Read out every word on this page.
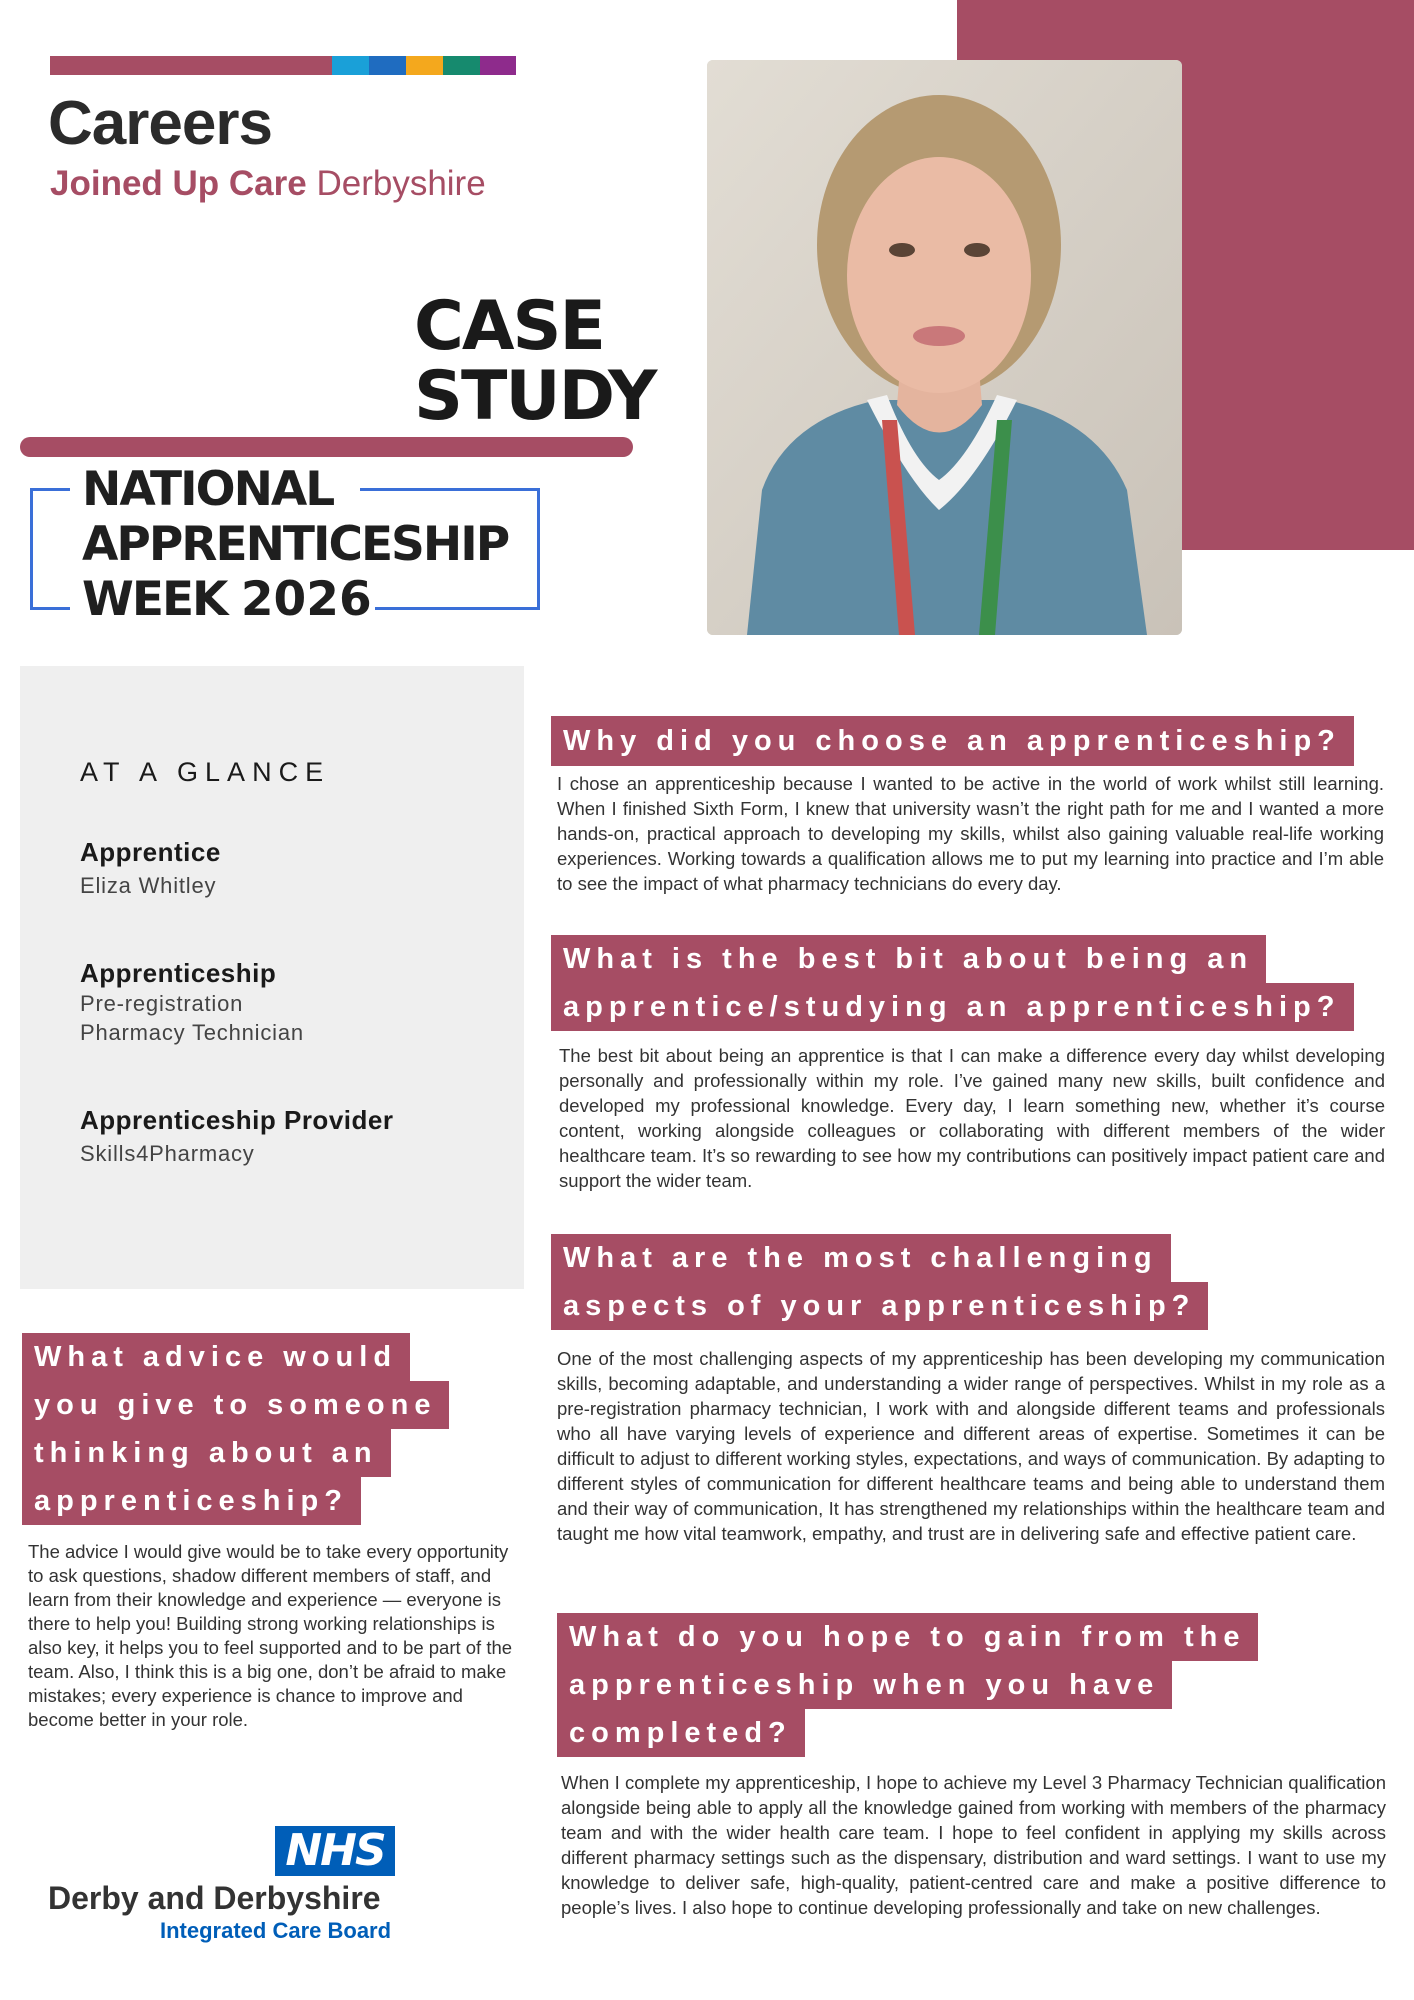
Careers
Joined Up Care Derbyshire
CASE
STUDY
NATIONAL
APPRENTICESHIP
WEEK 2026
AT A GLANCE
Apprentice
Eliza Whitley
Apprenticeship
Pre-registration
Pharmacy Technician
Apprenticeship Provider
Skills4Pharmacy
Why did you choose an apprenticeship?
I chose an apprenticeship because I wanted to be active in the world of work whilst still learning. When I finished Sixth Form, I knew that university wasn’t the right path for me and I wanted a more hands-on, practical approach to developing my skills, whilst also gaining valuable real-life working experiences. Working towards a qualification allows me to put my learning into practice and I’m able to see the impact of what pharmacy technicians do every day.
What is the best bit about being an
apprentice/studying an apprenticeship?
The best bit about being an apprentice is that I can make a difference every day whilst developing personally and professionally within my role. I’ve gained many new skills, built confidence and developed my professional knowledge. Every day, I learn something new, whether it’s course content, working alongside colleagues or collaborating with different members of the wider healthcare team. It’s so rewarding to see how my contributions can positively impact patient care and support the wider team.
What are the most challenging
aspects of your apprenticeship?
One of the most challenging aspects of my apprenticeship has been developing my communication skills, becoming adaptable, and understanding a wider range of perspectives. Whilst in my role as a pre-registration pharmacy technician, I work with and alongside different teams and professionals who all have varying levels of experience and different areas of expertise. Sometimes it can be difficult to adjust to different working styles, expectations, and ways of communication. By adapting to different styles of communication for different healthcare teams and being able to understand them and their way of communication, It has strengthened my relationships within the healthcare team and taught me how vital teamwork, empathy, and trust are in delivering safe and effective patient care.
What do you hope to gain from the
apprenticeship when you have
completed?
When I complete my apprenticeship, I hope to achieve my Level 3 Pharmacy Technician qualification alongside being able to apply all the knowledge gained from working with members of the pharmacy team and with the wider health care team. I hope to feel confident in applying my skills across different pharmacy settings such as the dispensary, distribution and ward settings. I want to use my knowledge to deliver safe, high-quality, patient-centred care and make a positive difference to people’s lives. I also hope to continue developing professionally and take on new challenges.
What advice would
you give to someone
thinking about an
apprenticeship?
The advice I would give would be to take every opportunity to ask questions, shadow different members of staff, and learn from their knowledge and experience — everyone is there to help you! Building strong working relationships is also key, it helps you to feel supported and to be part of the team. Also, I think this is a big one, don’t be afraid to make mistakes; every experience is chance to improve and become better in your role.
NHS
Derby and Derbyshire
Integrated Care Board
